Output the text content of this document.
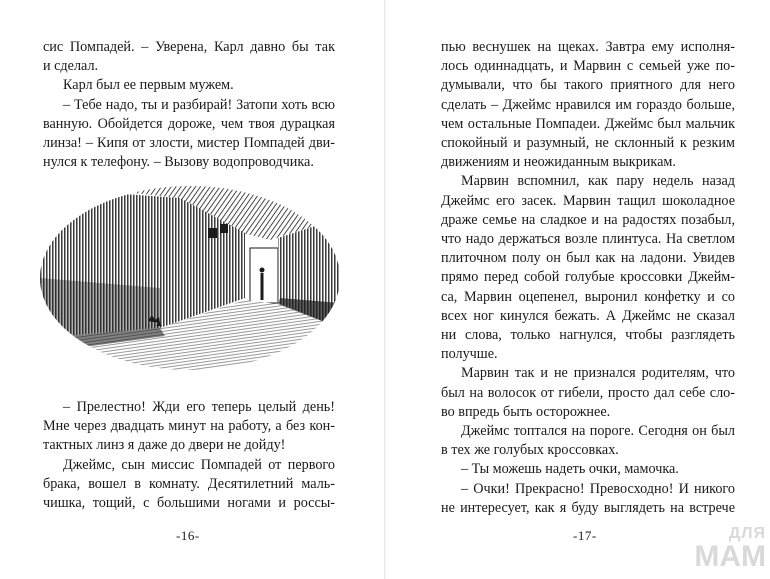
сис Помпадей. – Уверена, Карл давно бы так
и сделал.
Карл был ее первым мужем.
– Тебе надо, ты и разбирай! Затопи хоть всю
ванную. Обойдется дороже, чем твоя дурацкая
линза! – Кипя от злости, мистер Помпадей дви-
нулся к телефону. – Вызову водопроводчика.
– Прелестно! Жди его теперь целый день!
Мне через двадцать минут на работу, а без кон-
тактных линз я даже до двери не дойду!
Джеймс, сын миссис Помпадей от первого
брака, вошел в комнату. Десятилетний маль-
чишка, тощий, с большими ногами и россы-
-16-
пью веснушек на щеках. Завтра ему исполня-
лось одиннадцать, и Марвин с семьей уже по-
думывали, что бы такого приятного для него
сделать – Джеймс нравился им гораздо больше,
чем остальные Помпадеи. Джеймс был мальчик
спокойный и разумный, не склонный к резким
движениям и неожиданным выкрикам.
Марвин вспомнил, как пару недель назад
Джеймс его засек. Марвин тащил шоколадное
драже семье на сладкое и на радостях позабыл,
что надо держаться возле плинтуса. На светлом
плиточном полу он был как на ладони. Увидев
прямо перед собой голубые кроссовки Джейм-
са, Марвин оцепенел, выронил конфетку и со
всех ног кинулся бежать. А Джеймс не сказал
ни слова, только нагнулся, чтобы разглядеть
получше.
Марвин так и не признался родителям, что
был на волосок от гибели, просто дал себе сло-
во впредь быть осторожнее.
Джеймс топтался на пороге. Сегодня он был
в тех же голубых кроссовках.
– Ты можешь надеть очки, мамочка.
– Очки! Прекрасно! Превосходно! И никого
не интересует, как я буду выглядеть на встрече
-17-	ДЛЯ
МАМ
